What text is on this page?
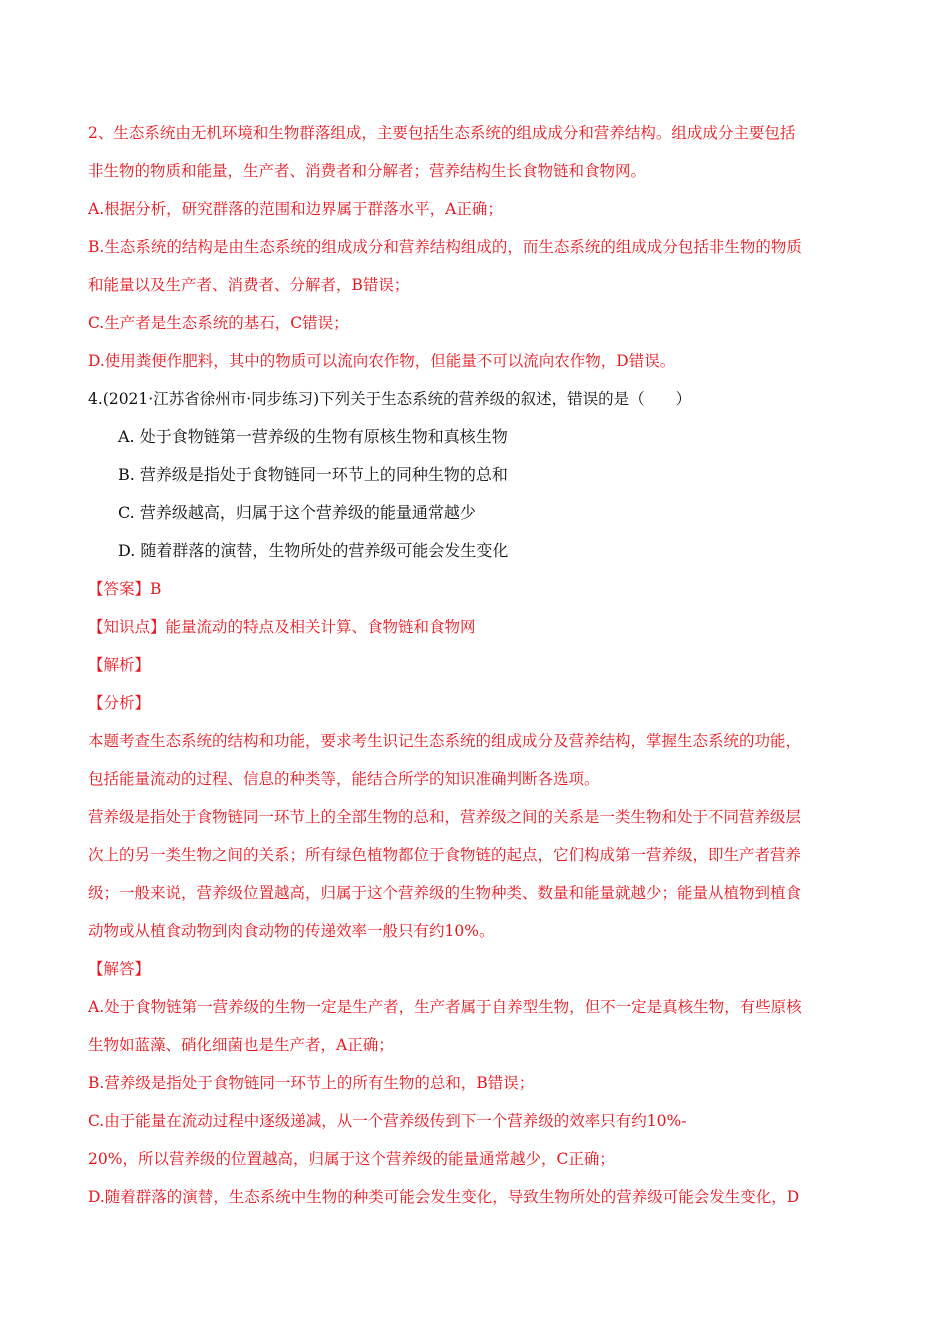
2、生态系统由无机环境和生物群落组成，主要包括生态系统的组成成分和营养结构。组成成分主要包括
非生物的物质和能量，生产者、消费者和分解者；营养结构生长食物链和食物网。
A.根据分析，研究群落的范围和边界属于群落水平，A正确；
B.生态系统的结构是由生态系统的组成成分和营养结构组成的，而生态系统的组成成分包括非生物的物质
和能量以及生产者、消费者、分解者，B错误；
C.生产者是生态系统的基石，C错误；
D.使用粪便作肥料，其中的物质可以流向农作物，但能量不可以流向农作物，D错误。
4.(2021·江苏省徐州市·同步练习)下列关于生态系统的营养级的叙述，错误的是（　　）
A. 处于食物链第一营养级的生物有原核生物和真核生物
B. 营养级是指处于食物链同一环节上的同种生物的总和
C. 营养级越高，归属于这个营养级的能量通常越少
D. 随着群落的演替，生物所处的营养级可能会发生变化
【答案】B
【知识点】能量流动的特点及相关计算、食物链和食物网
【解析】
【分析】
本题考查生态系统的结构和功能，要求考生识记生态系统的组成成分及营养结构，掌握生态系统的功能，
包括能量流动的过程、信息的种类等，能结合所学的知识准确判断各选项。
营养级是指处于食物链同一环节上的全部生物的总和，营养级之间的关系是一类生物和处于不同营养级层
次上的另一类生物之间的关系；所有绿色植物都位于食物链的起点，它们构成第一营养级，即生产者营养
级；一般来说，营养级位置越高，归属于这个营养级的生物种类、数量和能量就越少；能量从植物到植食
动物或从植食动物到肉食动物的传递效率一般只有约10%。
【解答】
A.处于食物链第一营养级的生物一定是生产者，生产者属于自养型生物，但不一定是真核生物，有些原核
生物如蓝藻、硝化细菌也是生产者，A正确；
B.营养级是指处于食物链同一环节上的所有生物的总和，B错误；
C.由于能量在流动过程中逐级递减，从一个营养级传到下一个营养级的效率只有约10%-
20%，所以营养级的位置越高，归属于这个营养级的能量通常越少，C正确；
D.随着群落的演替，生态系统中生物的种类可能会发生变化，导致生物所处的营养级可能会发生变化，D
